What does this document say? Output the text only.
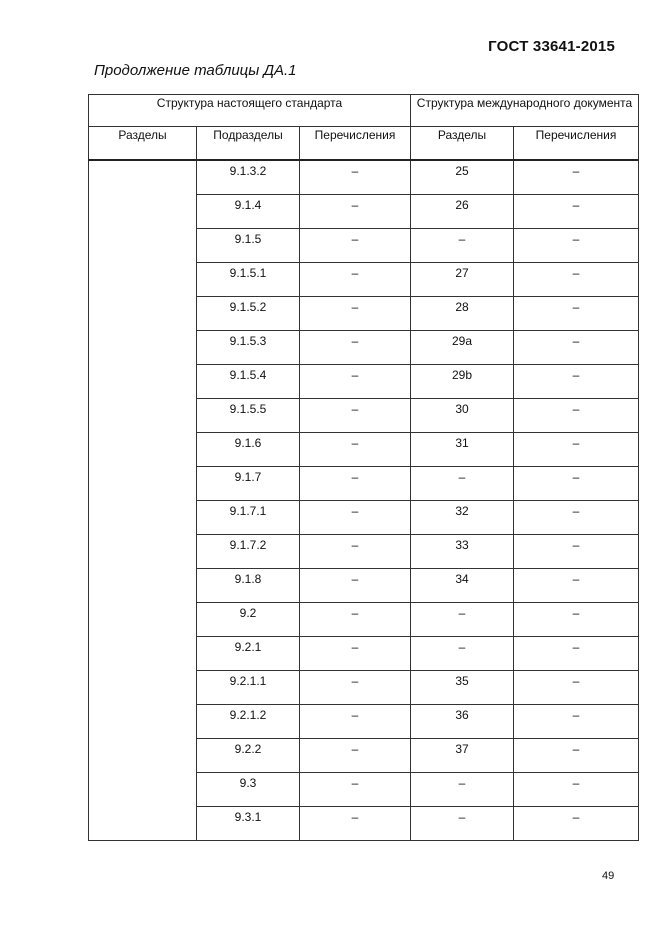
ГОСТ 33641-2015
Продолжение таблицы ДА.1
Структура настоящего стандарта			Структура международного документа	
Разделы	Подразделы	Перечисления	Разделы	Перечисления
	9.1.3.2	–	25	–
	9.1.4	–	26	–
	9.1.5	–	–	–
	9.1.5.1	–	27	–
	9.1.5.2	–	28	–
	9.1.5.3	–	29а	–
	9.1.5.4	–	29b	–
	9.1.5.5	–	30	–
	9.1.6	–	31	–
	9.1.7	–	–	–
	9.1.7.1	–	32	–
	9.1.7.2	–	33	–
	9.1.8	–	34	–
	9.2	–	–	–
	9.2.1	–	–	–
	9.2.1.1	–	35	–
	9.2.1.2	–	36	–
	9.2.2	–	37	–
	9.3	–	–	–
	9.3.1	–	–	–
49
